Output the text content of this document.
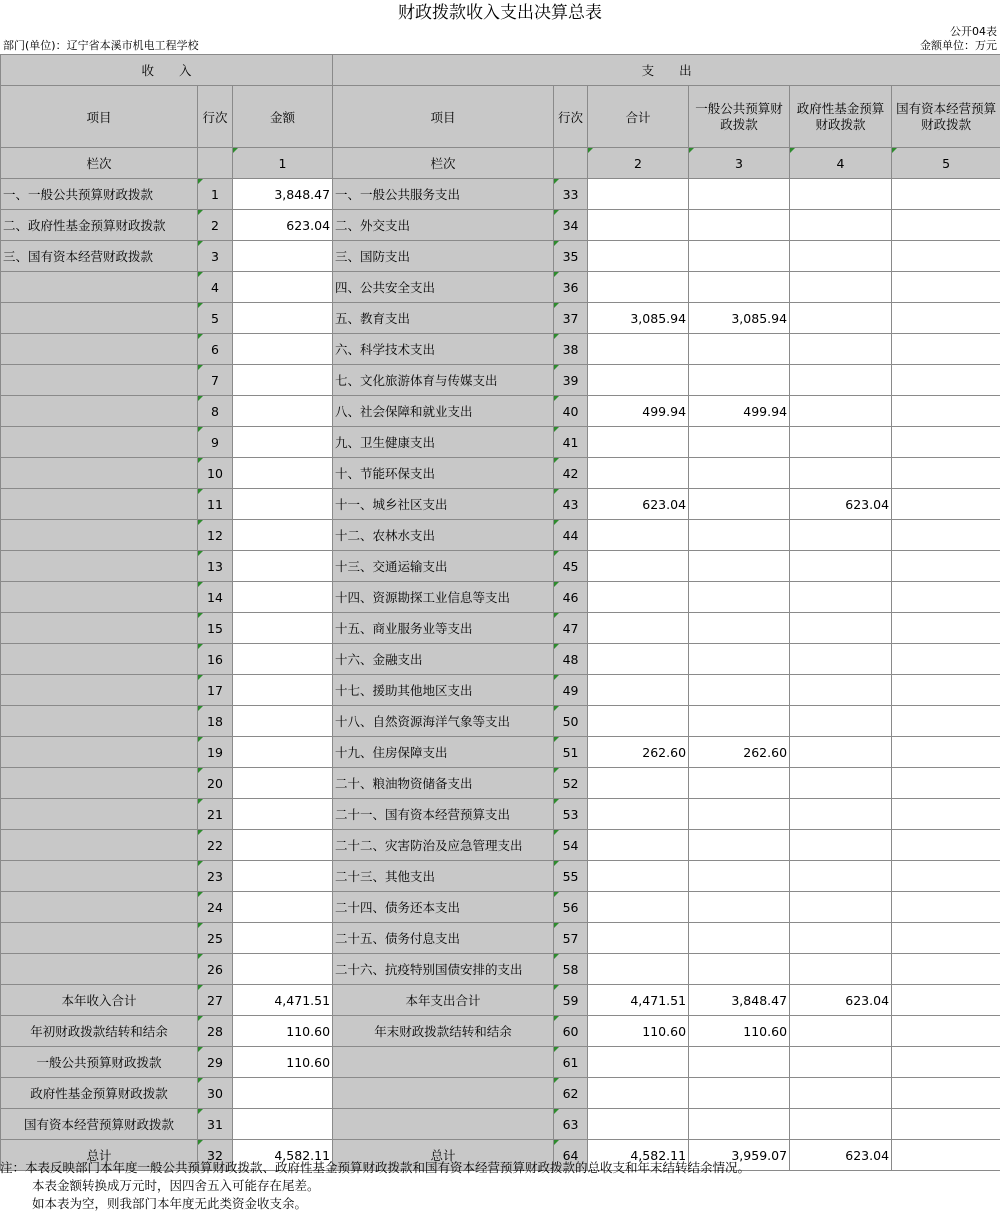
财政拨款收入支出决算总表
公开04表
部门(单位)：辽宁省本溪市机电工程学校	金额单位：万元
收　　入			支　　出					
项目	行次	金额	项目	行次	合计	一般公共预算财政拨款	政府性基金预算财政拨款	国有资本经营预算财政拨款
栏次		1	栏次		2	3	4	5
一、一般公共预算财政拨款	1	3,848.47	一、一般公共服务支出	33				
二、政府性基金预算财政拨款	2	623.04	二、外交支出	34				
三、国有资本经营财政拨款	3		三、国防支出	35				
	4		四、公共安全支出	36				
	5		五、教育支出	37	3,085.94	3,085.94		
	6		六、科学技术支出	38				
	7		七、文化旅游体育与传媒支出	39				
	8		八、社会保障和就业支出	40	499.94	499.94		
	9		九、卫生健康支出	41				
	10		十、节能环保支出	42				
	11		十一、城乡社区支出	43	623.04		623.04	
	12		十二、农林水支出	44				
	13		十三、交通运输支出	45				
	14		十四、资源勘探工业信息等支出	46				
	15		十五、商业服务业等支出	47				
	16		十六、金融支出	48				
	17		十七、援助其他地区支出	49				
	18		十八、自然资源海洋气象等支出	50				
	19		十九、住房保障支出	51	262.60	262.60		
	20		二十、粮油物资储备支出	52				
	21		二十一、国有资本经营预算支出	53				
	22		二十二、灾害防治及应急管理支出	54				
	23		二十三、其他支出	55				
	24		二十四、债务还本支出	56				
	25		二十五、债务付息支出	57				
	26		二十六、抗疫特别国债安排的支出	58				
本年收入合计	27	4,471.51	本年支出合计	59	4,471.51	3,848.47	623.04	
年初财政拨款结转和结余	28	110.60	年末财政拨款结转和结余	60	110.60	110.60		
一般公共预算财政拨款	29	110.60		61				
政府性基金预算财政拨款	30			62				
国有资本经营预算财政拨款	31			63				
总计	32	4,582.11	总计	64	4,582.11	3,959.07	623.04	
注：本表反映部门本年度一般公共预算财政拨款、政府性基金预算财政拨款和国有资本经营预算财政拨款的总收支和年末结转结余情况。
本表金额转换成万元时，因四舍五入可能存在尾差。
如本表为空，则我部门本年度无此类资金收支余。
